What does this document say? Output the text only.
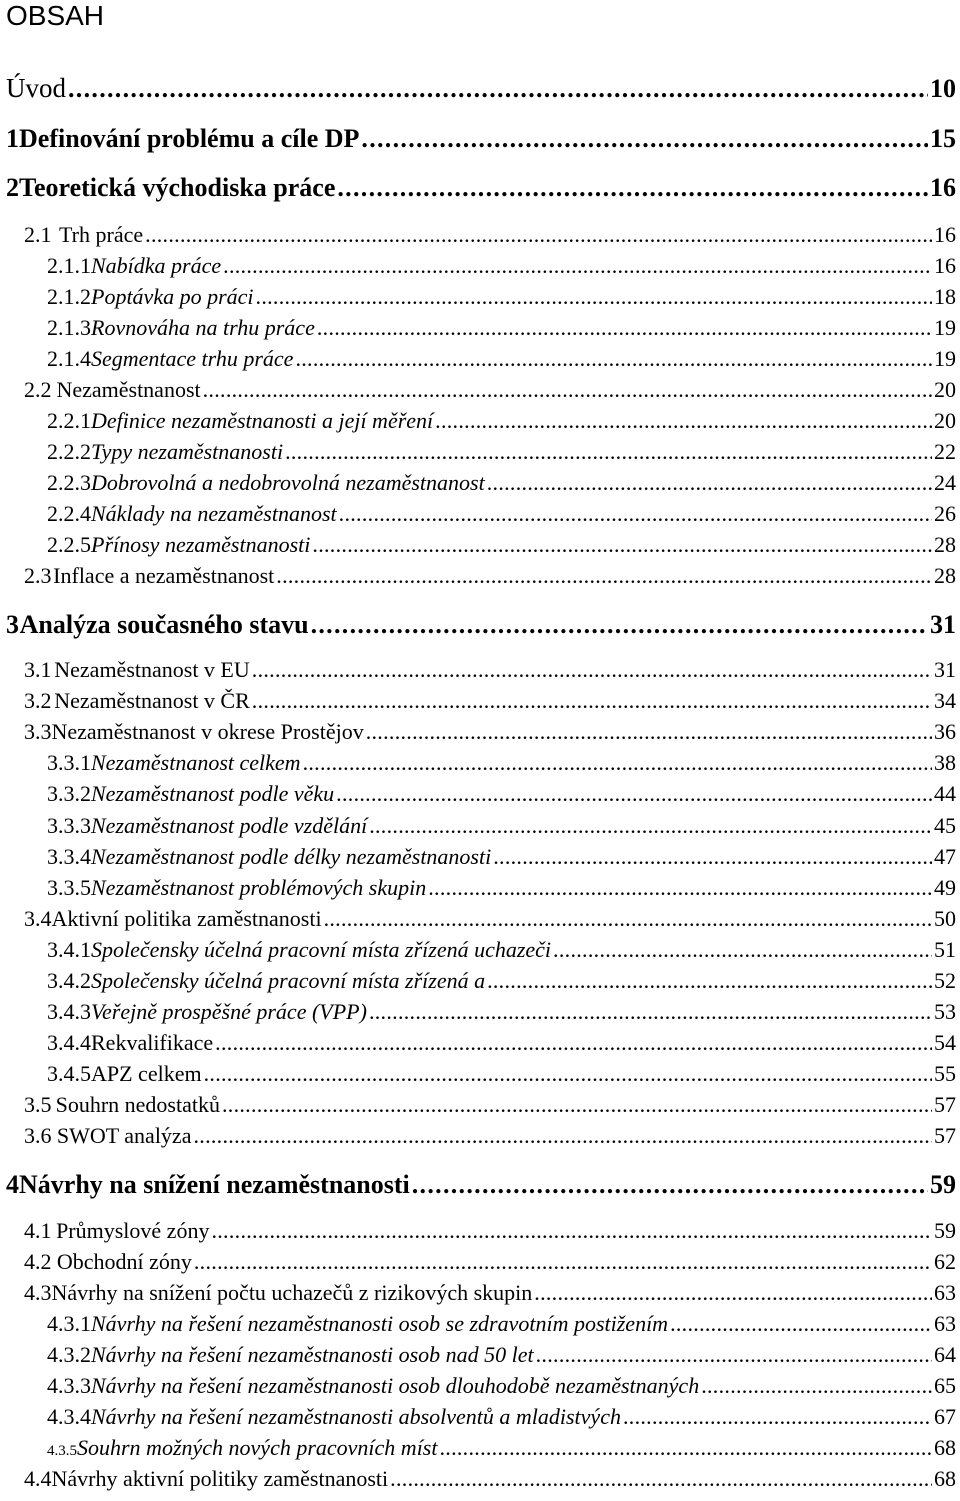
OBSAH
Úvod . . .	10
1 Definování problému a cíle DP . . .	15
2 Teoretická východiska práce . . .	16
2.1 Trh práce . . .	16
2.1.1 Nabídka práce . . .	16
2.1.2 Poptávka po práci . . .	18
2.1.3 Rovnováha na trhu práce . . .	19
2.1.4 Segmentace trhu práce . . .	19
2.2 Nezaměstnanost . . .	20
2.2.1 Definice nezaměstnanosti a její měření . . .	20
2.2.2 Typy nezaměstnanosti . . .	22
2.2.3 Dobrovolná a nedobrovolná nezaměstnanost . . .	24
2.2.4 Náklady na nezaměstnanost . . .	26
2.2.5 Přínosy nezaměstnanosti . . .	28
2.3 Inflace a nezaměstnanost . . .	28
3 Analýza současného stavu . . .	31
3.1 Nezaměstnanost v EU . . .	31
3.2 Nezaměstnanost v ČR . . .	34
3.3 Nezaměstnanost v okrese Prostějov . . .	36
3.3.1 Nezaměstnanost celkem . . .	38
3.3.2 Nezaměstnanost podle věku . . .	44
3.3.3 Nezaměstnanost podle vzdělání . . .	45
3.3.4 Nezaměstnanost podle délky nezaměstnanosti . . .	47
3.3.5 Nezaměstnanost problémových skupin . . .	49
3.4 Aktivní politika zaměstnanosti . . .	50
3.4.1 Společensky účelná pracovní místa zřízená uchazeči . . .	51
3.4.2 Společensky účelná pracovní místa zřízená a . . .	52
3.4.3 Veřejně prospěšné práce (VPP) . . .	53
3.4.4 Rekvalifikace . . .	54
3.4.5 APZ celkem . . .	55
3.5 Souhrn nedostatků . . .	57
3.6 SWOT analýza . . .	57
4 Návrhy na snížení nezaměstnanosti . . .	59
4.1 Průmyslové zóny . . .	59
4.2 Obchodní zóny . . .	62
4.3 Návrhy na snížení počtu uchazečů z rizikových skupin . . .	63
4.3.1 Návrhy na řešení nezaměstnanosti osob se zdravotním postižením . . .	63
4.3.2 Návrhy na řešení nezaměstnanosti osob nad 50 let . . .	64
4.3.3 Návrhy na řešení nezaměstnanosti osob dlouhodobě nezaměstnaných . . .	65
4.3.4 Návrhy na řešení nezaměstnanosti absolventů a mladistvých . . .	67
4.3.5 Souhrn možných nových pracovních míst . . .	68
4.4 Návrhy aktivní politiky zaměstnanosti . . .	68
